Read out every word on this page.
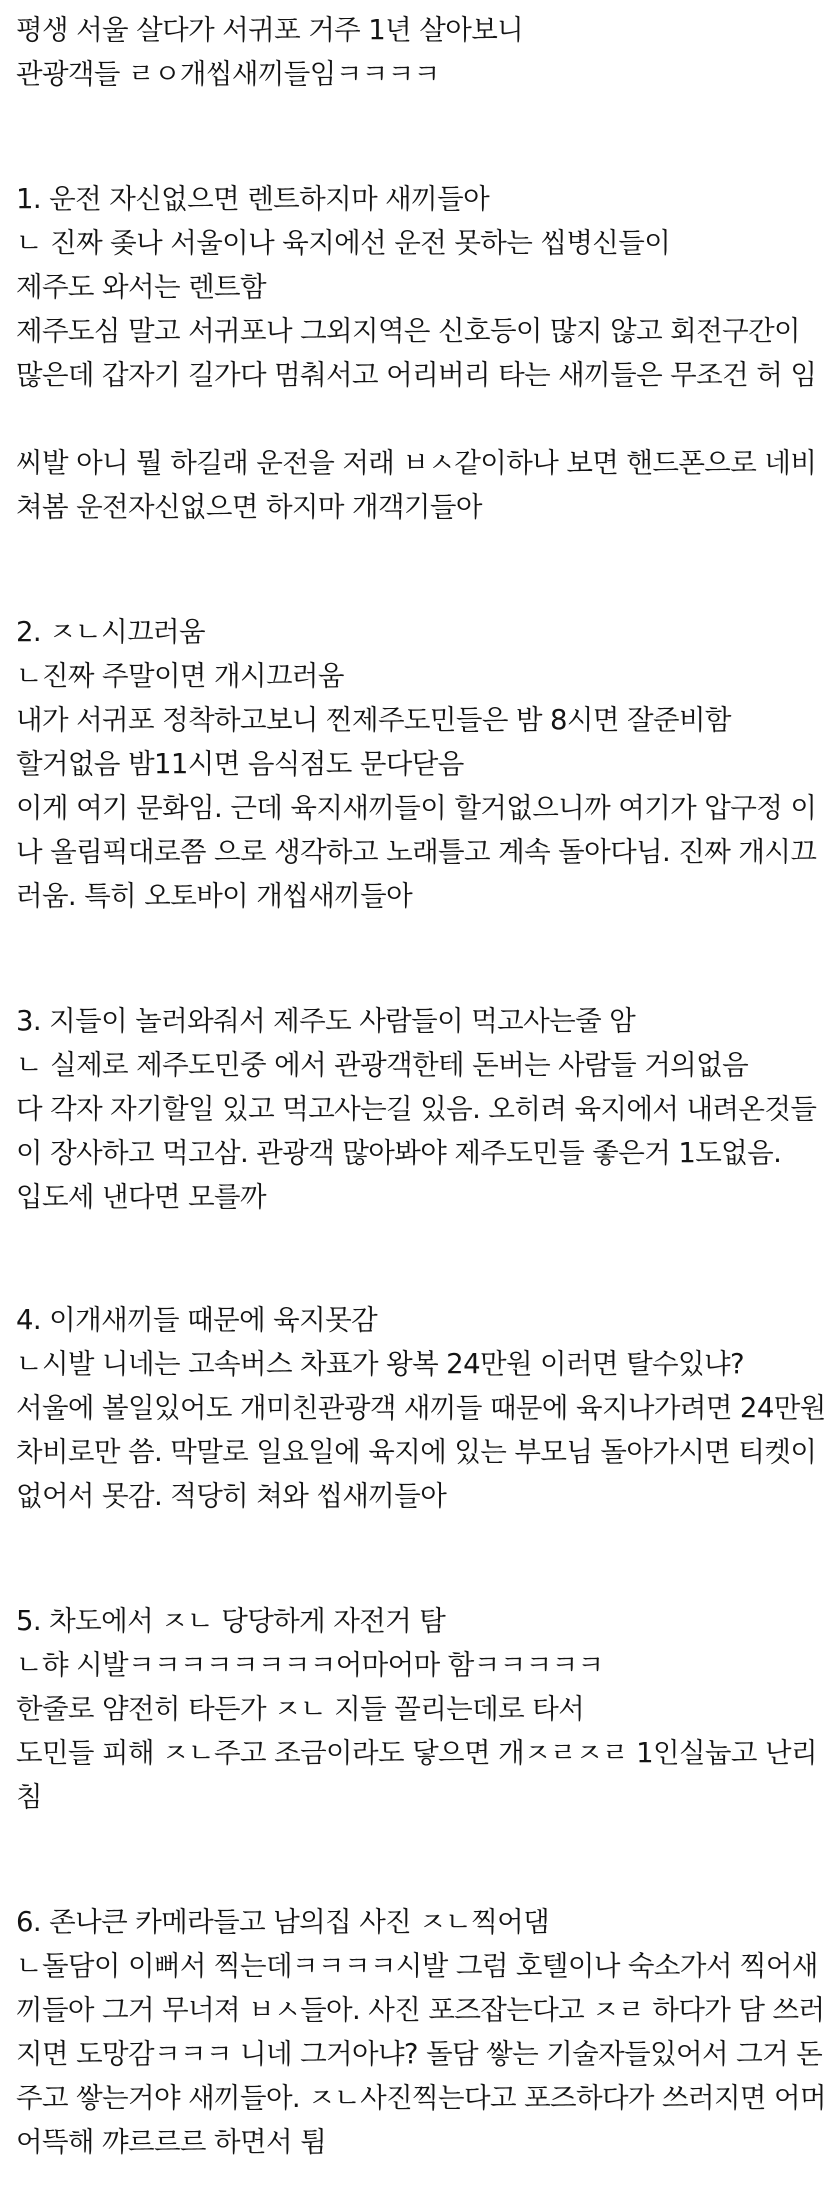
평생 서울 살다가 서귀포 거주 1년 살아보니
관광객들 ㄹㅇ개씹새끼들임ㅋㅋㅋㅋ
1. 운전 자신없으면 렌트하지마 새끼들아
ㄴ 진짜 좆나 서울이나 육지에선 운전 못하는 씹병신들이
제주도 와서는 렌트함
제주도심 말고 서귀포나 그외지역은 신호등이 많지 않고 회전구간이
많은데 갑자기 길가다 멈춰서고 어리버리 타는 새끼들은 무조건 허 임
씨발 아니 뭘 하길래 운전을 저래 ㅂㅅ같이하나 보면 핸드폰으로 네비
쳐봄 운전자신없으면 하지마 개객기들아
2. ㅈㄴ시끄러움
ㄴ진짜 주말이면 개시끄러움
내가 서귀포 정착하고보니 찐제주도민들은 밤 8시면 잘준비함
할거없음 밤11시면 음식점도 문다닫음
이게 여기 문화임. 근데 육지새끼들이 할거없으니까 여기가 압구정 이
나 올림픽대로쯤 으로 생각하고 노래틀고 계속 돌아다님. 진짜 개시끄
러움. 특히 오토바이 개씹새끼들아
3. 지들이 놀러와줘서 제주도 사람들이 먹고사는줄 암
ㄴ 실제로 제주도민중 에서 관광객한테 돈버는 사람들 거의없음
다 각자 자기할일 있고 먹고사는길 있음. 오히려 육지에서 내려온것들
이 장사하고 먹고삼. 관광객 많아봐야 제주도민들 좋은거 1도없음.
입도세 낸다면 모를까
4. 이개새끼들 때문에 육지못감
ㄴ시발 니네는 고속버스 차표가 왕복 24만원 이러면 탈수있냐?
서울에 볼일있어도 개미친관광객 새끼들 때문에 육지나가려면 24만원
차비로만 씀. 막말로 일요일에 육지에 있는 부모님 돌아가시면 티켓이
없어서 못감. 적당히 쳐와 씹새끼들아
5. 차도에서 ㅈㄴ 당당하게 자전거 탐
ㄴ햐 시발ㅋㅋㅋㅋㅋㅋㅋㅋ어마어마 함ㅋㅋㅋㅋㅋ
한줄로 얌전히 타든가 ㅈㄴ 지들 꼴리는데로 타서
도민들 피해 ㅈㄴ주고 조금이라도 닿으면 개ㅈㄹㅈㄹ 1인실눕고 난리
침
6. 존나큰 카메라들고 남의집 사진 ㅈㄴ찍어댐
ㄴ돌담이 이뻐서 찍는데ㅋㅋㅋㅋ시발 그럼 호텔이나 숙소가서 찍어새
끼들아 그거 무너져 ㅂㅅ들아. 사진 포즈잡는다고 ㅈㄹ 하다가 담 쓰러
지면 도망감ㅋㅋㅋ 니네 그거아냐? 돌담 쌓는 기술자들있어서 그거 돈
주고 쌓는거야 새끼들아. ㅈㄴ사진찍는다고 포즈하다가 쓰러지면 어머
어뜩해 꺄르르르 하면서 튐
